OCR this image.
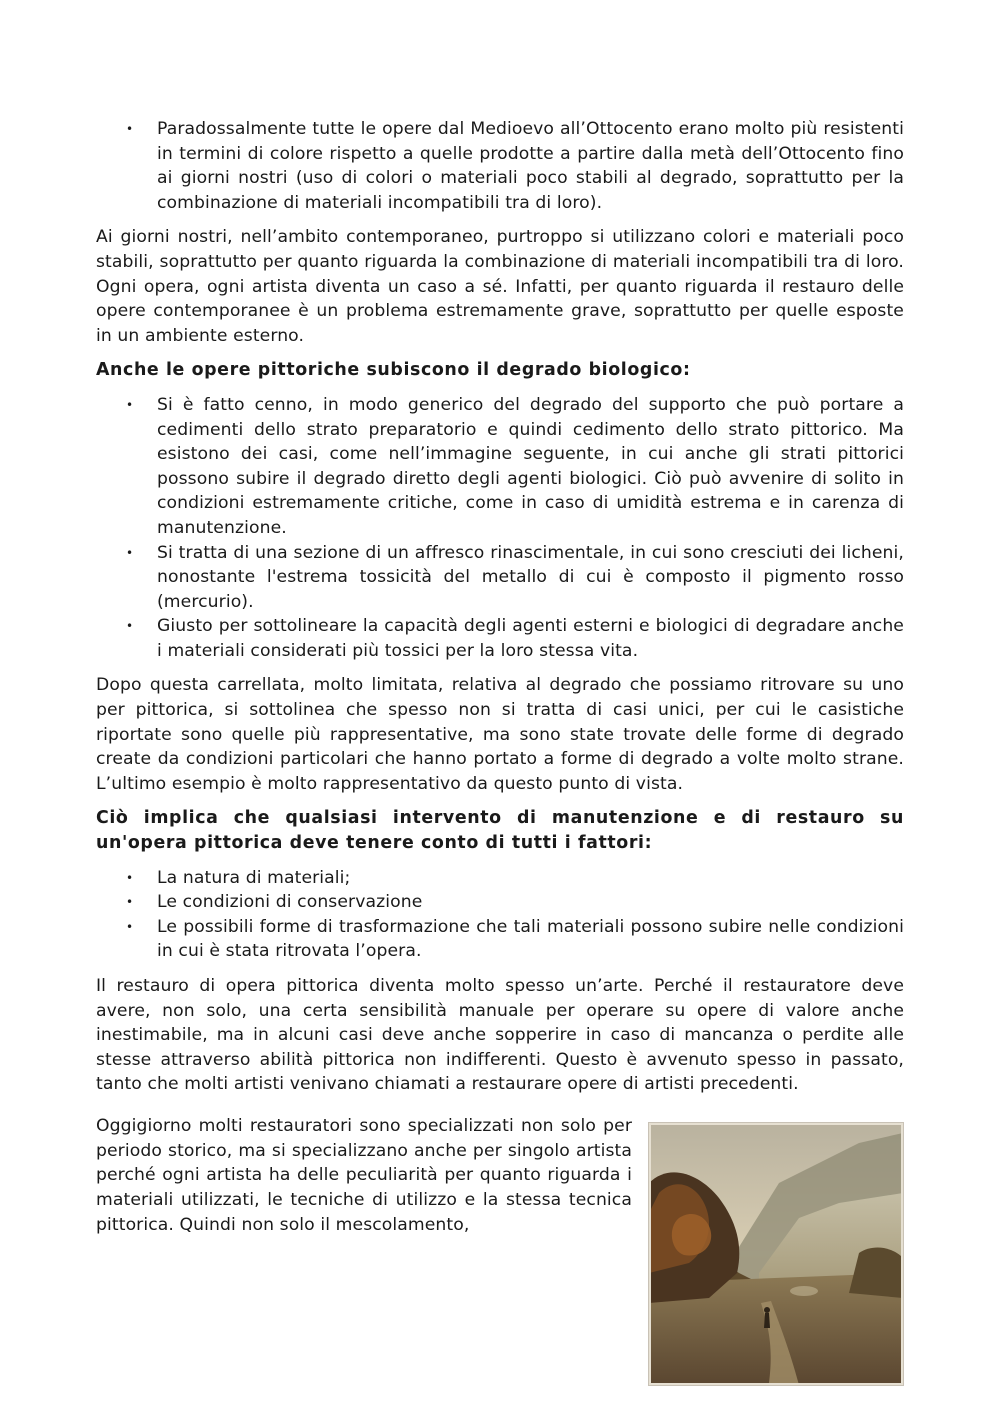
• Paradossalmente tutte le opere dal Medioevo all’Ottocento erano molto più resistenti in termini di colore rispetto a quelle prodotte a partire dalla metà dell’Ottocento fino ai giorni nostri (uso di colori o materiali poco stabili al degrado, soprattutto per la combinazione di materiali incompatibili tra di loro).

Ai giorni nostri, nell’ambito contemporaneo, purtroppo si utilizzano colori e materiali poco stabili, soprattutto per quanto riguarda la combinazione di materiali incompatibili tra di loro. Ogni opera, ogni artista diventa un caso a sé. Infatti, per quanto riguarda il restauro delle opere contemporanee è un problema estremamente grave, soprattutto per quelle esposte in un ambiente esterno.

Anche le opere pittoriche subiscono il degrado biologico:

• Si è fatto cenno, in modo generico del degrado del supporto che può portare a cedimenti dello strato preparatorio e quindi cedimento dello strato pittorico. Ma esistono dei casi, come nell’immagine seguente, in cui anche gli strati pittorici possono subire il degrado diretto degli agenti biologici. Ciò può avvenire di solito in condizioni estremamente critiche, come in caso di umidità estrema e in carenza di manutenzione.
• Si tratta di una sezione di un affresco rinascimentale, in cui sono cresciuti dei licheni, nonostante l'estrema tossicità del metallo di cui è composto il pigmento rosso (mercurio).
• Giusto per sottolineare la capacità degli agenti esterni e biologici di degradare anche i materiali considerati più tossici per la loro stessa vita.

Dopo questa carrellata, molto limitata, relativa al degrado che possiamo ritrovare su uno per pittorica, si sottolinea che spesso non si tratta di casi unici, per cui le casistiche riportate sono quelle più rappresentative, ma sono state trovate delle forme di degrado create da condizioni particolari che hanno portato a forme di degrado a volte molto strane. L’ultimo esempio è molto rappresentativo da questo punto di vista.

Ciò implica che qualsiasi intervento di manutenzione e di restauro su un'opera pittorica deve tenere conto di tutti i fattori:

• La natura di materiali;
• Le condizioni di conservazione
• Le possibili forme di trasformazione che tali materiali possono subire nelle condizioni in cui è stata ritrovata l’opera.

Il restauro di opera pittorica diventa molto spesso un’arte. Perché il restauratore deve avere, non solo, una certa sensibilità manuale per operare su opere di valore anche inestimabile, ma in alcuni casi deve anche sopperire in caso di mancanza o perdite alle stesse attraverso abilità pittorica non indifferenti. Questo è avvenuto spesso in passato, tanto che molti artisti venivano chiamati a restaurare opere di artisti precedenti.

Oggigiorno molti restauratori sono specializzati non solo per periodo storico, ma si specializzano anche per singolo artista perché ogni artista ha delle peculiarità per quanto riguarda i materiali utilizzati, le tecniche di utilizzo e la stessa tecnica pittorica. Quindi non solo il mescolamento,
